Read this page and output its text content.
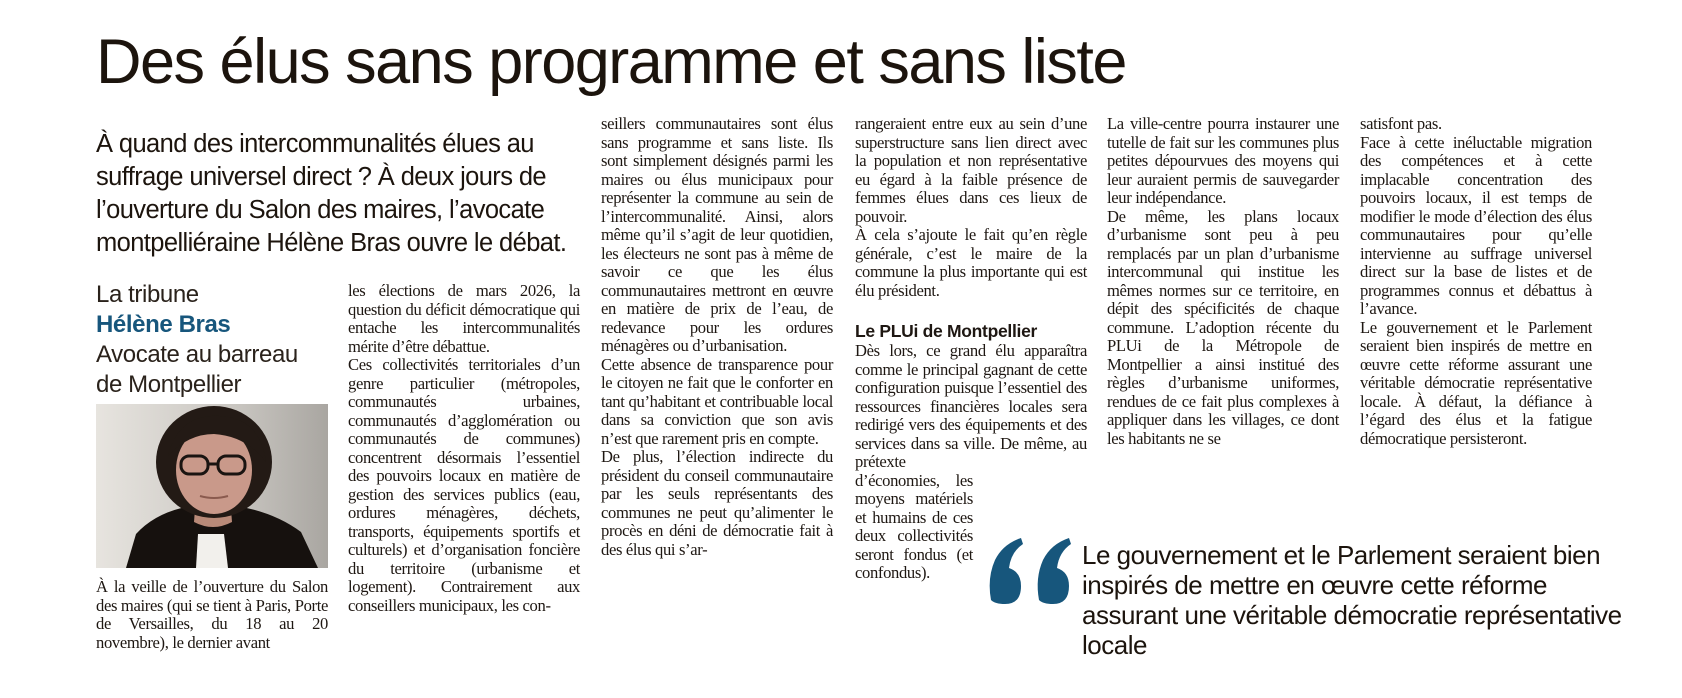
Des élus sans programme et sans liste

À quand des intercommunalités élues au suffrage universel direct ? À deux jours de l’ouverture du Salon des maires, l’avocate montpelliéraine Hélène Bras ouvre le débat.

La tribune
Hélène Bras
Avocate au barreau
de Montpellier

À la veille de l’ouverture du Salon des maires (qui se tient à Paris, Porte de Versailles, du 18 au 20 novembre), le dernier avant

les élections de mars 2026, la question du déficit démocratique qui entache les intercommunalités mérite d’être débattue.

Ces collectivités territoriales d’un genre particulier (métropoles, communautés urbaines, communautés d’agglomération ou communautés de communes) concentrent désormais l’essentiel des pouvoirs locaux en matière de gestion des services publics (eau, ordures ménagères, déchets, transports, équipements sportifs et culturels) et d’organisation foncière du territoire (urbanisme et logement). Contrairement aux conseillers municipaux, les con-

seillers communautaires sont élus sans programme et sans liste. Ils sont simplement désignés parmi les maires ou élus municipaux pour représenter la commune au sein de l’intercommunalité. Ainsi, alors même qu’il s’agit de leur quotidien, les électeurs ne sont pas à même de savoir ce que les élus communautaires mettront en œuvre en matière de prix de l’eau, de redevance pour les ordures ménagères ou d’urbanisation.

Cette absence de transparence pour le citoyen ne fait que le conforter en tant qu’habitant et contribuable local dans sa conviction que son avis n’est que rarement pris en compte.

De plus, l’élection indirecte du président du conseil communautaire par les seuls représentants des communes ne peut qu’alimenter le procès en déni de démocratie fait à des élus qui s’ar-

rangeraient entre eux au sein d’une superstructure sans lien direct avec la population et non représentative eu égard à la faible présence de femmes élues dans ces lieux de pouvoir.

À cela s’ajoute le fait qu’en règle générale, c’est le maire de la commune la plus importante qui est élu président.

Le PLUi de Montpellier

Dès lors, ce grand élu apparaîtra comme le principal gagnant de cette configuration puisque l’essentiel des ressources financières locales sera redirigé vers des équipements et des services dans sa ville. De même, au prétexte

d’économies, les moyens matériels et humains de ces deux collectivités seront fondus (et confondus).

La ville-centre pourra instaurer une tutelle de fait sur les communes plus petites dépourvues des moyens qui leur auraient permis de sauvegarder leur indépendance.

De même, les plans locaux d’urbanisme sont peu à peu remplacés par un plan d’urbanisme intercommunal qui institue les mêmes normes sur ce territoire, en dépit des spécificités de chaque commune. L’adoption récente du PLUi de la Métropole de Montpellier a ainsi institué des règles d’urbanisme uniformes, rendues de ce fait plus complexes à appliquer dans les villages, ce dont les habitants ne se

satisfont pas.

Face à cette inéluctable migration des compétences et à cette implacable concentration des pouvoirs locaux, il est temps de modifier le mode d’élection des élus communautaires pour qu’elle intervienne au suffrage universel direct sur la base de listes et de programmes connus et débattus à l’avance.

Le gouvernement et le Parlement seraient bien inspirés de mettre en œuvre cette réforme assurant une véritable démocratie représentative locale. À défaut, la défiance à l’égard des élus et la fatigue démocratique persisteront.

Le gouvernement et le Parlement seraient bien inspirés de mettre en œuvre cette réforme assurant une véritable démocratie représentative locale
